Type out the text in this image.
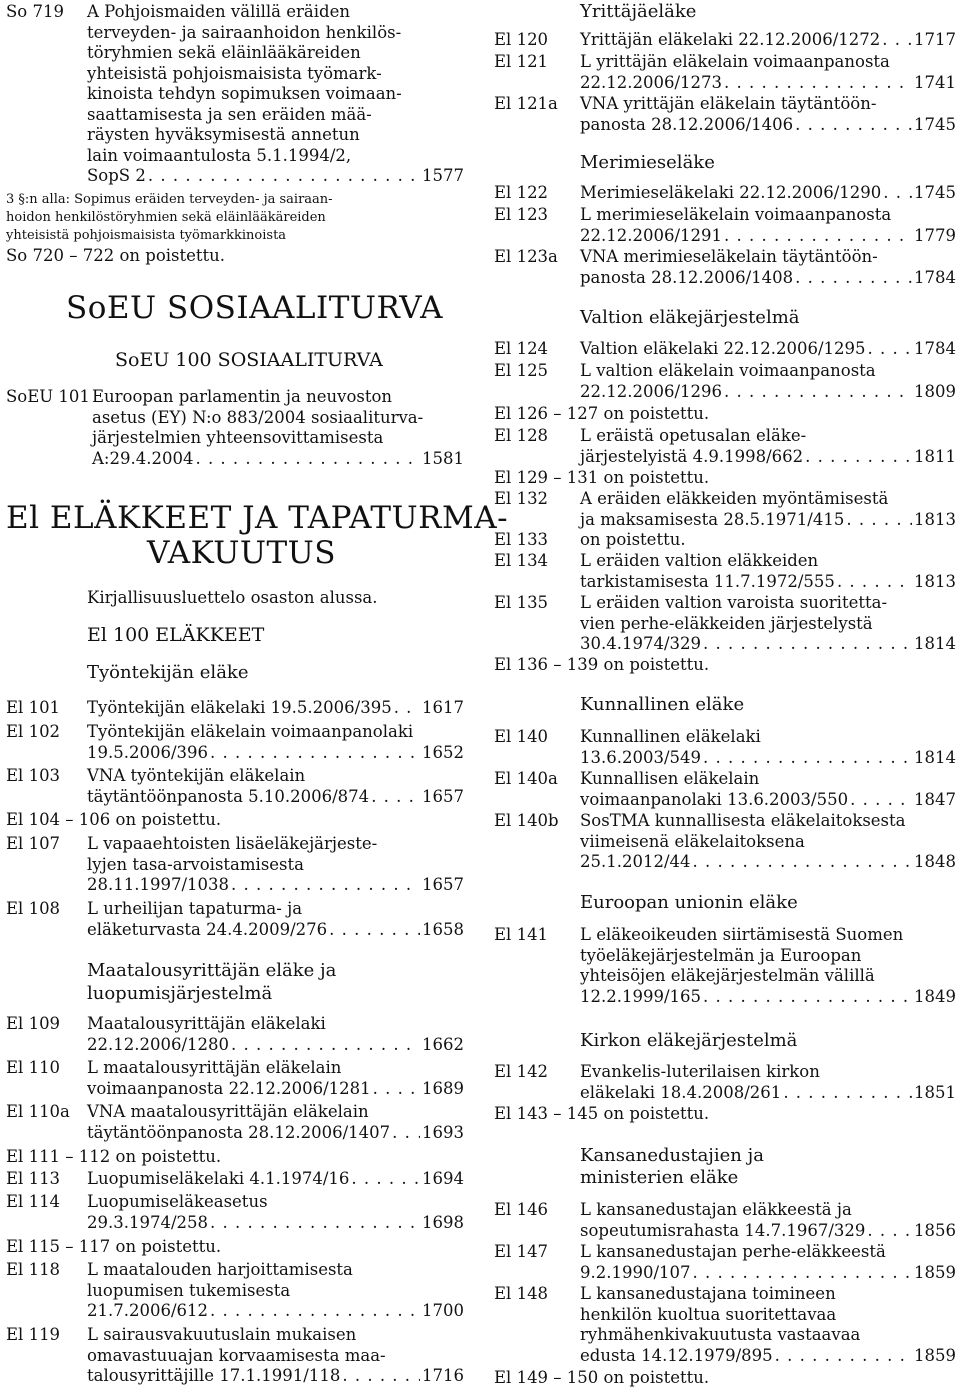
So 719 A Pohjoismaiden välillä eräiden
terveyden- ja sairaanhoidon henkilös-
töryhmien sekä eläinlääkäreiden
yhteisistä pohjoismaisista työmark-
kinoista tehdyn sopimuksen voimaan-
saattamisesta ja sen eräiden mää-
räysten hyväksymisestä annetun
lain voimaantulosta 5.1.1994/2,
SopS 2 . . .	1577
3 §:n alla: Sopimus eräiden terveyden- ja sairaan-
hoidon henkilöstöryhmien sekä eläinlääkäreiden
yhteisistä pohjoismaisista työmarkkinoista
So 720 – 722 on poistettu.
SoEU SOSIAALITURVA
SoEU 100 SOSIAALITURVA
SoEU 101 Euroopan parlamentin ja neuvoston
asetus (EY) N:o 883/2004 sosiaaliturva-
järjestelmien yhteensovittamisesta
A:29.4.2004 . . .	1581
El ELÄKKEET JA TAPATURMA-
VAKUUTUS
Kirjallisuusluettelo osaston alussa.
El 100 ELÄKKEET
Työntekijän eläke
El 101 Työntekijän eläkelaki 19.5.2006/395 . . . 1617
El 102 Työntekijän eläkelain voimaanpanolaki
19.5.2006/396 . . .	1652
El 103 VNA työntekijän eläkelain
täytäntöönpanosta 5.10.2006/874 . . .	1657
El 104 – 106 on poistettu.
El 107 L vapaaehtoisten lisäeläkejärjeste-
lyjen tasa-arvoistamisesta
28.11.1997/1038 . . .	1657
El 108 L urheilijan tapaturma- ja
eläketurvasta 24.4.2009/276 . . .	1658
Maatalousyrittäjän eläke ja
luopumisjärjestelmä
El 109 Maatalousyrittäjän eläkelaki
22.12.2006/1280 . . .	1662
El 110 L maatalousyrittäjän eläkelain
voimaanpanosta 22.12.2006/1281 . . .	1689
El 110a VNA maatalousyrittäjän eläkelain
täytäntöönpanosta 28.12.2006/1407 . . . 1693
El 111 – 112 on poistettu.
El 113 Luopumiseläkelaki 4.1.1974/16 . . .	1694
El 114 Luopumiseläkeasetus
29.3.1974/258 . . .	1698
El 115 – 117 on poistettu.
El 118 L maatalouden harjoittamisesta
luopumisen tukemisesta
21.7.2006/612 . . .	1700
El 119 L sairausvakuutuslain mukaisen
omavastuuajan korvaamisesta maa-
talousyrittäjille 17.1.1991/118 . . .	1716
Yrittäjäeläke
El 120 Yrittäjän eläkelaki 22.12.2006/1272 . . . 1717
El 121 L yrittäjän eläkelain voimaanpanosta
22.12.2006/1273 . . .	1741
El 121a VNA yrittäjän eläkelain täytäntöön-
panosta 28.12.2006/1406 . . .	1745
Merimieseläke
El 122 Merimieseläkelaki 22.12.2006/1290 . . . 1745
El 123 L merimieseläkelain voimaanpanosta
22.12.2006/1291 . . .	1779
El 123a VNA merimieseläkelain täytäntöön-
panosta 28.12.2006/1408 . . .	1784
Valtion eläkejärjestelmä
El 124 Valtion eläkelaki 22.12.2006/1295 . . .	1784
El 125 L valtion eläkelain voimaanpanosta
22.12.2006/1296 . . .	1809
El 126 – 127 on poistettu.
El 128 L eräistä opetusalan eläke-
järjestelyistä 4.9.1998/662 . . .	1811
El 129 – 131 on poistettu.
El 132 A eräiden eläkkeiden myöntämisestä
ja maksamisesta 28.5.1971/415 . . .	1813
El 133 on poistettu.
El 134 L eräiden valtion eläkkeiden
tarkistamisesta 11.7.1972/555 . . .	1813
El 135 L eräiden valtion varoista suoritetta-
vien perhe-eläkkeiden järjestelystä
30.4.1974/329 . . .	1814
El 136 – 139 on poistettu.
Kunnallinen eläke
El 140 Kunnallinen eläkelaki
13.6.2003/549 . . .	1814
El 140a Kunnallisen eläkelain
voimaanpanolaki 13.6.2003/550 . . .	1847
El 140b SosTMA kunnallisesta eläkelaitoksesta
viimeisenä eläkelaitoksena
25.1.2012/44 . . .	1848
Euroopan unionin eläke
El 141 L eläkeoikeuden siirtämisestä Suomen
työeläkejärjestelmän ja Euroopan
yhteisöjen eläkejärjestelmän välillä
12.2.1999/165 . . .	1849
Kirkon eläkejärjestelmä
El 142 Evankelis-luterilaisen kirkon
eläkelaki 18.4.2008/261 . . .	1851
El 143 – 145 on poistettu.
Kansanedustajien ja
ministerien eläke
El 146 L kansanedustajan eläkkeestä ja
sopeutumisrahasta 14.7.1967/329 . . .	1856
El 147 L kansanedustajan perhe-eläkkeestä
9.2.1990/107 . . .	1859
El 148 L kansanedustajana toimineen
henkilön kuoltua suoritettavaa
ryhmähenkivakuutusta vastaavaa
edusta 14.12.1979/895 . . .	1859
El 149 – 150 on poistettu.
